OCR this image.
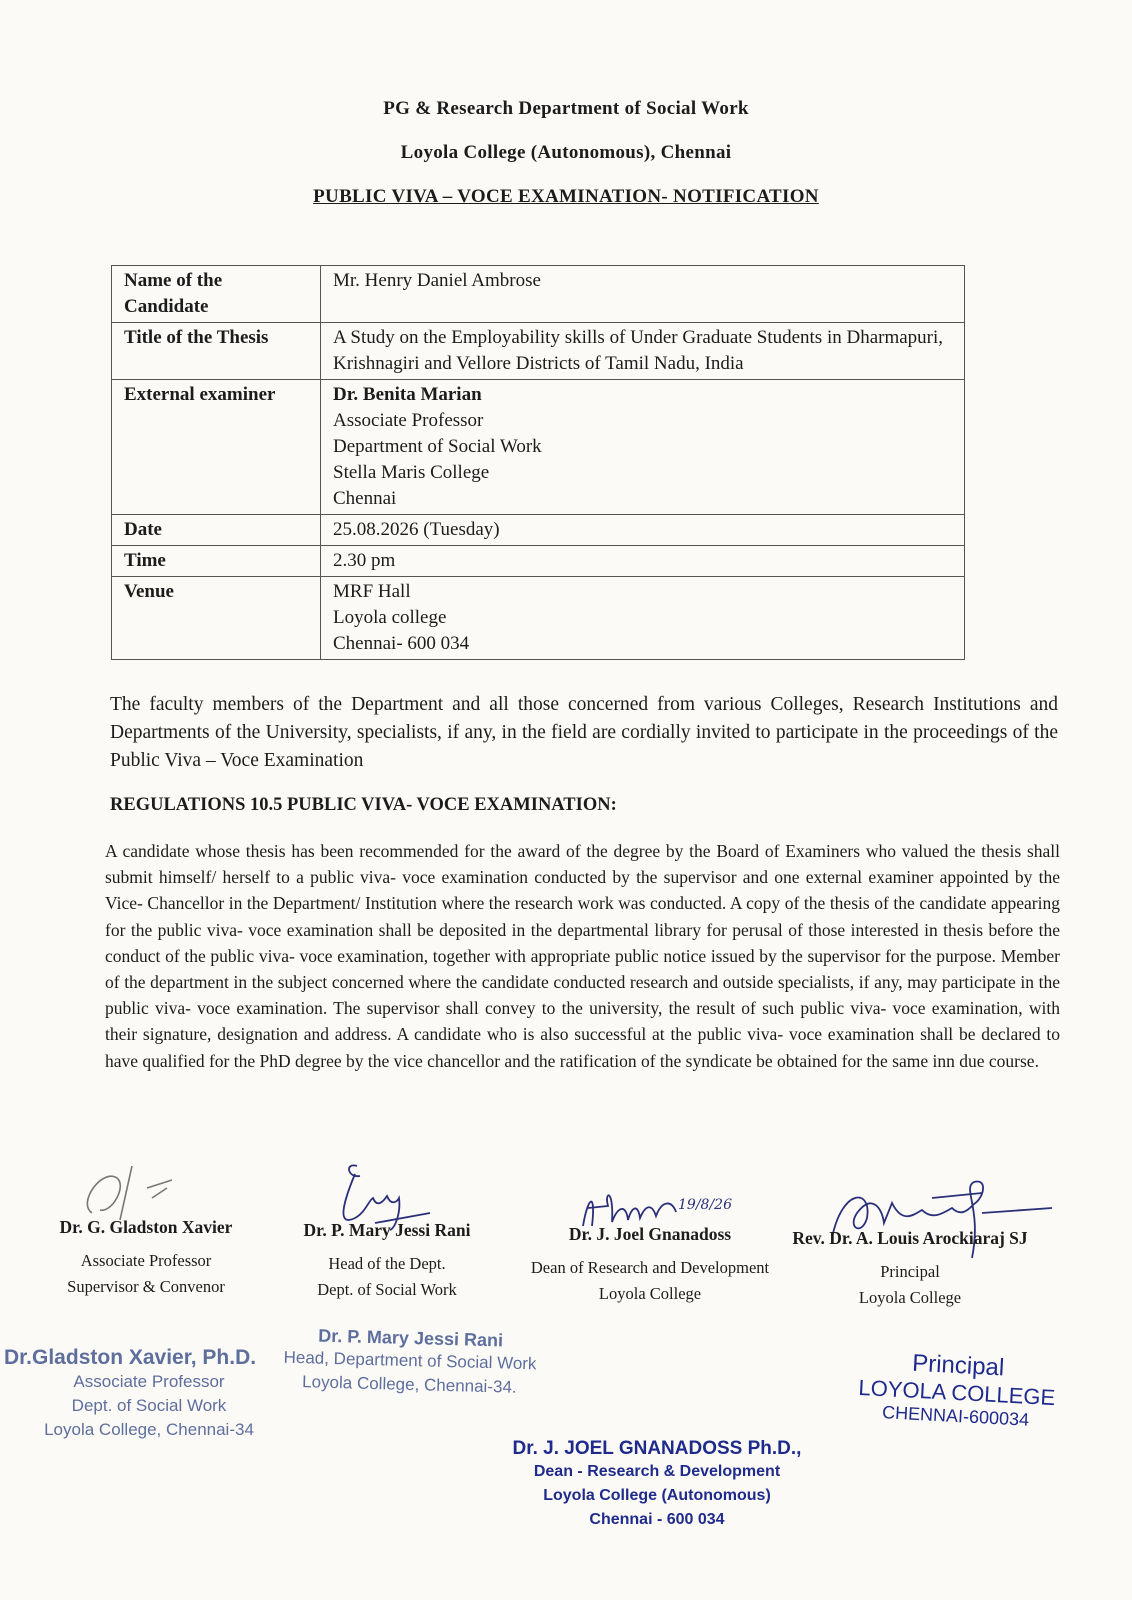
PG & Research Department of Social Work
Loyola College (Autonomous), Chennai
PUBLIC VIVA – VOCE EXAMINATION- NOTIFICATION
Name of the Candidate	Mr. Henry Daniel Ambrose
Title of the Thesis	A Study on the Employability skills of Under Graduate Students in Dharmapuri, Krishnagiri and Vellore Districts of Tamil Nadu, India
External examiner	Dr. Benita Marian
Associate Professor
Department of Social Work
Stella Maris College
Chennai

Date	25.08.2026 (Tuesday)
Time	2.30 pm
Venue	MRF Hall
Loyola college
Chennai- 600 034
The faculty members of the Department and all those concerned from various Colleges, Research Institutions and Departments of the University, specialists, if any, in the field are cordially invited to participate in the proceedings of the Public Viva – Voce Examination
REGULATIONS 10.5 PUBLIC VIVA- VOCE EXAMINATION:
A candidate whose thesis has been recommended for the award of the degree by the Board of Examiners who valued the thesis shall submit himself/ herself to a public viva- voce examination conducted by the supervisor and one external examiner appointed by the Vice- Chancellor in the Department/ Institution where the research work was conducted. A copy of the thesis of the candidate appearing for the public viva- voce examination shall be deposited in the departmental library for perusal of those interested in thesis before the conduct of the public viva- voce examination, together with appropriate public notice issued by the supervisor for the purpose. Member of the department in the subject concerned where the candidate conducted research and outside specialists, if any, may participate in the public viva- voce examination. The supervisor shall convey to the university, the result of such public viva- voce examination, with their signature, designation and address. A candidate who is also successful at the public viva- voce examination shall be declared to have qualified for the PhD degree by the vice chancellor and the ratification of the syndicate be obtained for the same inn due course.
19/8/26
Dr. G. Gladston Xavier
Associate Professor
Supervisor & Convenor
Dr. P. Mary Jessi Rani
Head of the Dept.
Dept. of Social Work
Dr. J. Joel Gnanadoss
Dean of Research and Development
Loyola College
Rev. Dr. A. Louis Arockiaraj SJ
Principal
Loyola College
Dr.Gladston Xavier, Ph.D.
Associate Professor
Dept. of Social Work
Loyola College, Chennai-34
Dr. P. Mary Jessi Rani
Head, Department of Social Work
Loyola College, Chennai-34.
Principal
LOYOLA COLLEGE
CHENNAI-600034
Dr. J. JOEL GNANADOSS Ph.D.,
Dean - Research & Development
Loyola College (Autonomous)
Chennai - 600 034
